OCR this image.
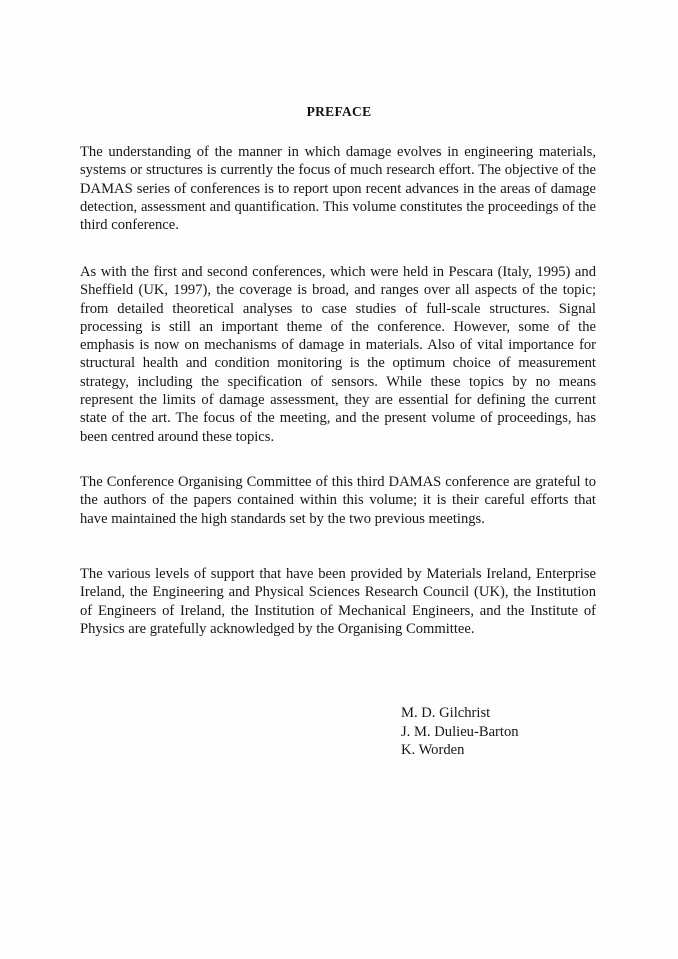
PREFACE

The understanding of the manner in which damage evolves in engineering materials, systems or structures is currently the focus of much research effort. The objective of the DAMAS series of conferences is to report upon recent advances in the areas of damage detection, assessment and quantification. This volume constitutes the proceedings of the third conference.

As with the first and second conferences, which were held in Pescara (Italy, 1995) and Sheffield (UK, 1997), the coverage is broad, and ranges over all aspects of the topic; from detailed theoretical analyses to case studies of full-scale structures. Signal processing is still an important theme of the conference. However, some of the emphasis is now on mechanisms of damage in materials. Also of vital importance for structural health and condition monitoring is the optimum choice of measurement strategy, including the specification of sensors. While these topics by no means represent the limits of damage assessment, they are essential for defining the current state of the art. The focus of the meeting, and the present volume of proceedings, has been centred around these topics.

The Conference Organising Committee of this third DAMAS conference are grateful to the authors of the papers contained within this volume; it is their careful efforts that have maintained the high standards set by the two previous meetings.

The various levels of support that have been provided by Materials Ireland, Enterprise Ireland, the Engineering and Physical Sciences Research Council (UK), the Institution of Engineers of Ireland, the Institution of Mechanical Engineers, and the Institute of Physics are gratefully acknowledged by the Organising Committee.

M. D. Gilchrist
J. M. Dulieu-Barton
K. Worden
